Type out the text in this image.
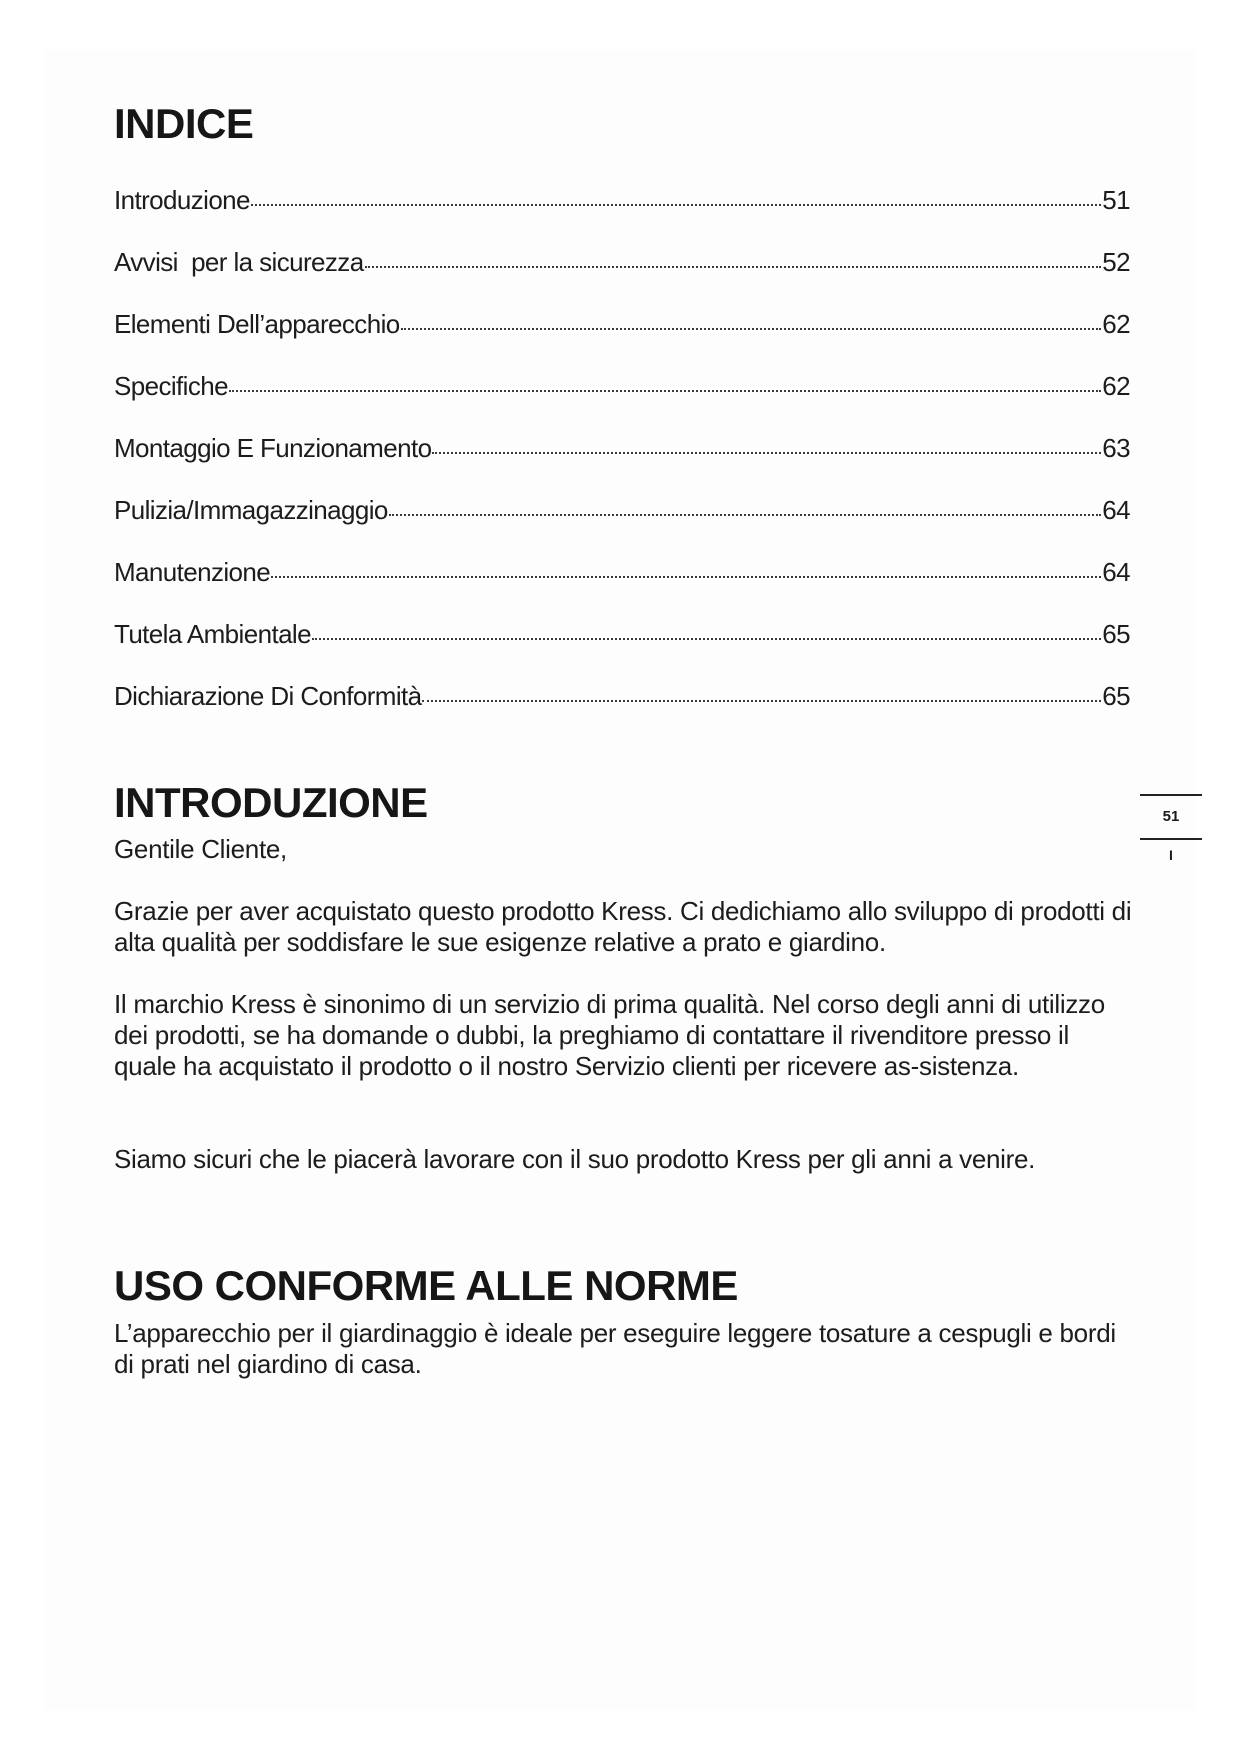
INDICE
Introduzione	51
Avvisi  per la sicurezza	52
Elementi Dell’apparecchio	62
Specifiche	62
Montaggio E Funzionamento	63
Pulizia/Immagazzinaggio	64
Manutenzione	64
Tutela Ambientale	65
Dichiarazione Di Conformità	65
INTRODUZIONE

Gentile Cliente,

Grazie per aver acquistato questo prodotto Kress. Ci dedichiamo allo sviluppo di prodotti di alta qualità per soddisfare le sue esigenze relative a prato e giardino.

Il marchio Kress è sinonimo di un servizio di prima qualità. Nel corso degli anni di utilizzo dei prodotti, se ha domande o dubbi, la preghiamo di contattare il rivenditore presso il quale ha acquistato il prodotto o il nostro Servizio clienti per ricevere as-sistenza.

Siamo sicuri che le piacerà lavorare con il suo prodotto Kress per gli anni a venire.

USO CONFORME ALLE NORME

L’apparecchio per il giardinaggio è ideale per eseguire leggere tosature a cespugli e bordi di prati nel giardino di casa.

51
I
